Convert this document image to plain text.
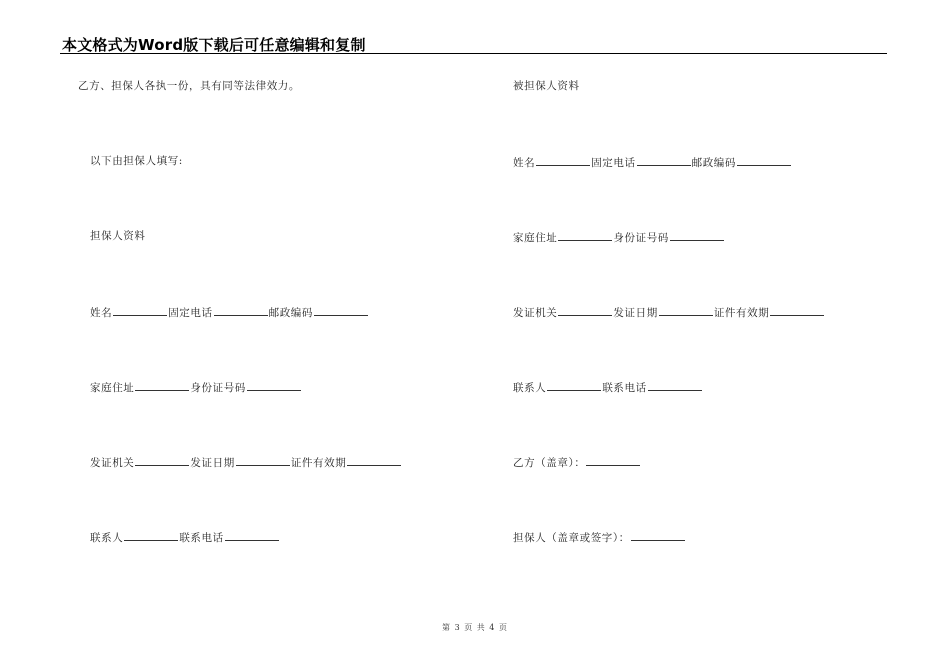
本文格式为Word版下载后可任意编辑和复制
乙方、担保人各执一份，具有同等法律效力。
以下由担保人填写:
担保人资料
姓名	固定电话	邮政编码
家庭住址	身份证号码
发证机关	发证日期	证件有效期
联系人	联系电话
被担保人资料
姓名	固定电话	邮政编码
家庭住址	身份证号码
发证机关	发证日期	证件有效期
联系人	联系电话
乙方（盖章）：
担保人（盖章或签字）：
第 3 页 共 4 页
